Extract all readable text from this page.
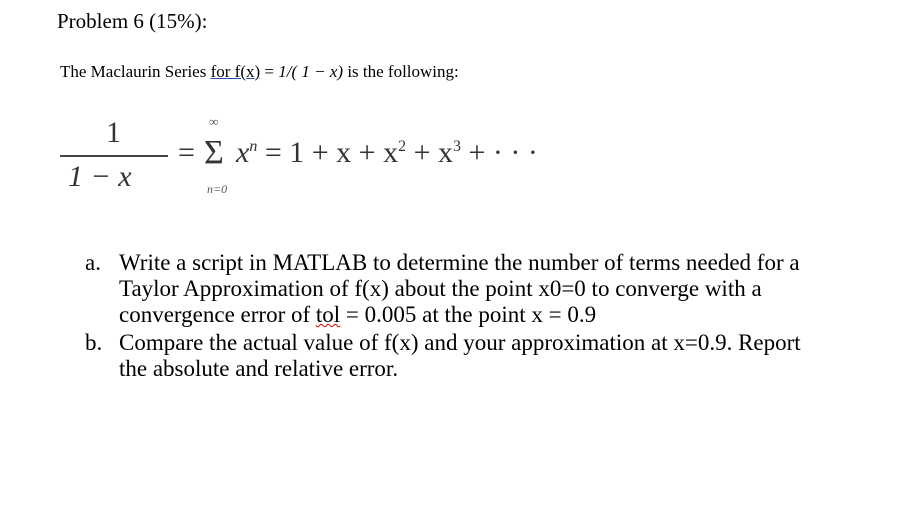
Problem 6 (15%):
The Maclaurin Series for f(x) = 1/( 1 − x) is the following:
1
1 − x
=
∞
Σ
n=0
$x^n = 1 + x + x^2 + x^3$ + · · ·
a. Write a script in MATLAB to determine the number of terms needed for a
Taylor Approximation of f(x) about the point x0=0 to converge with a
convergence error of tol = 0.005 at the point x = 0.9
b. Compare the actual value of f(x) and your approximation at x=0.9. Report
the absolute and relative error.
